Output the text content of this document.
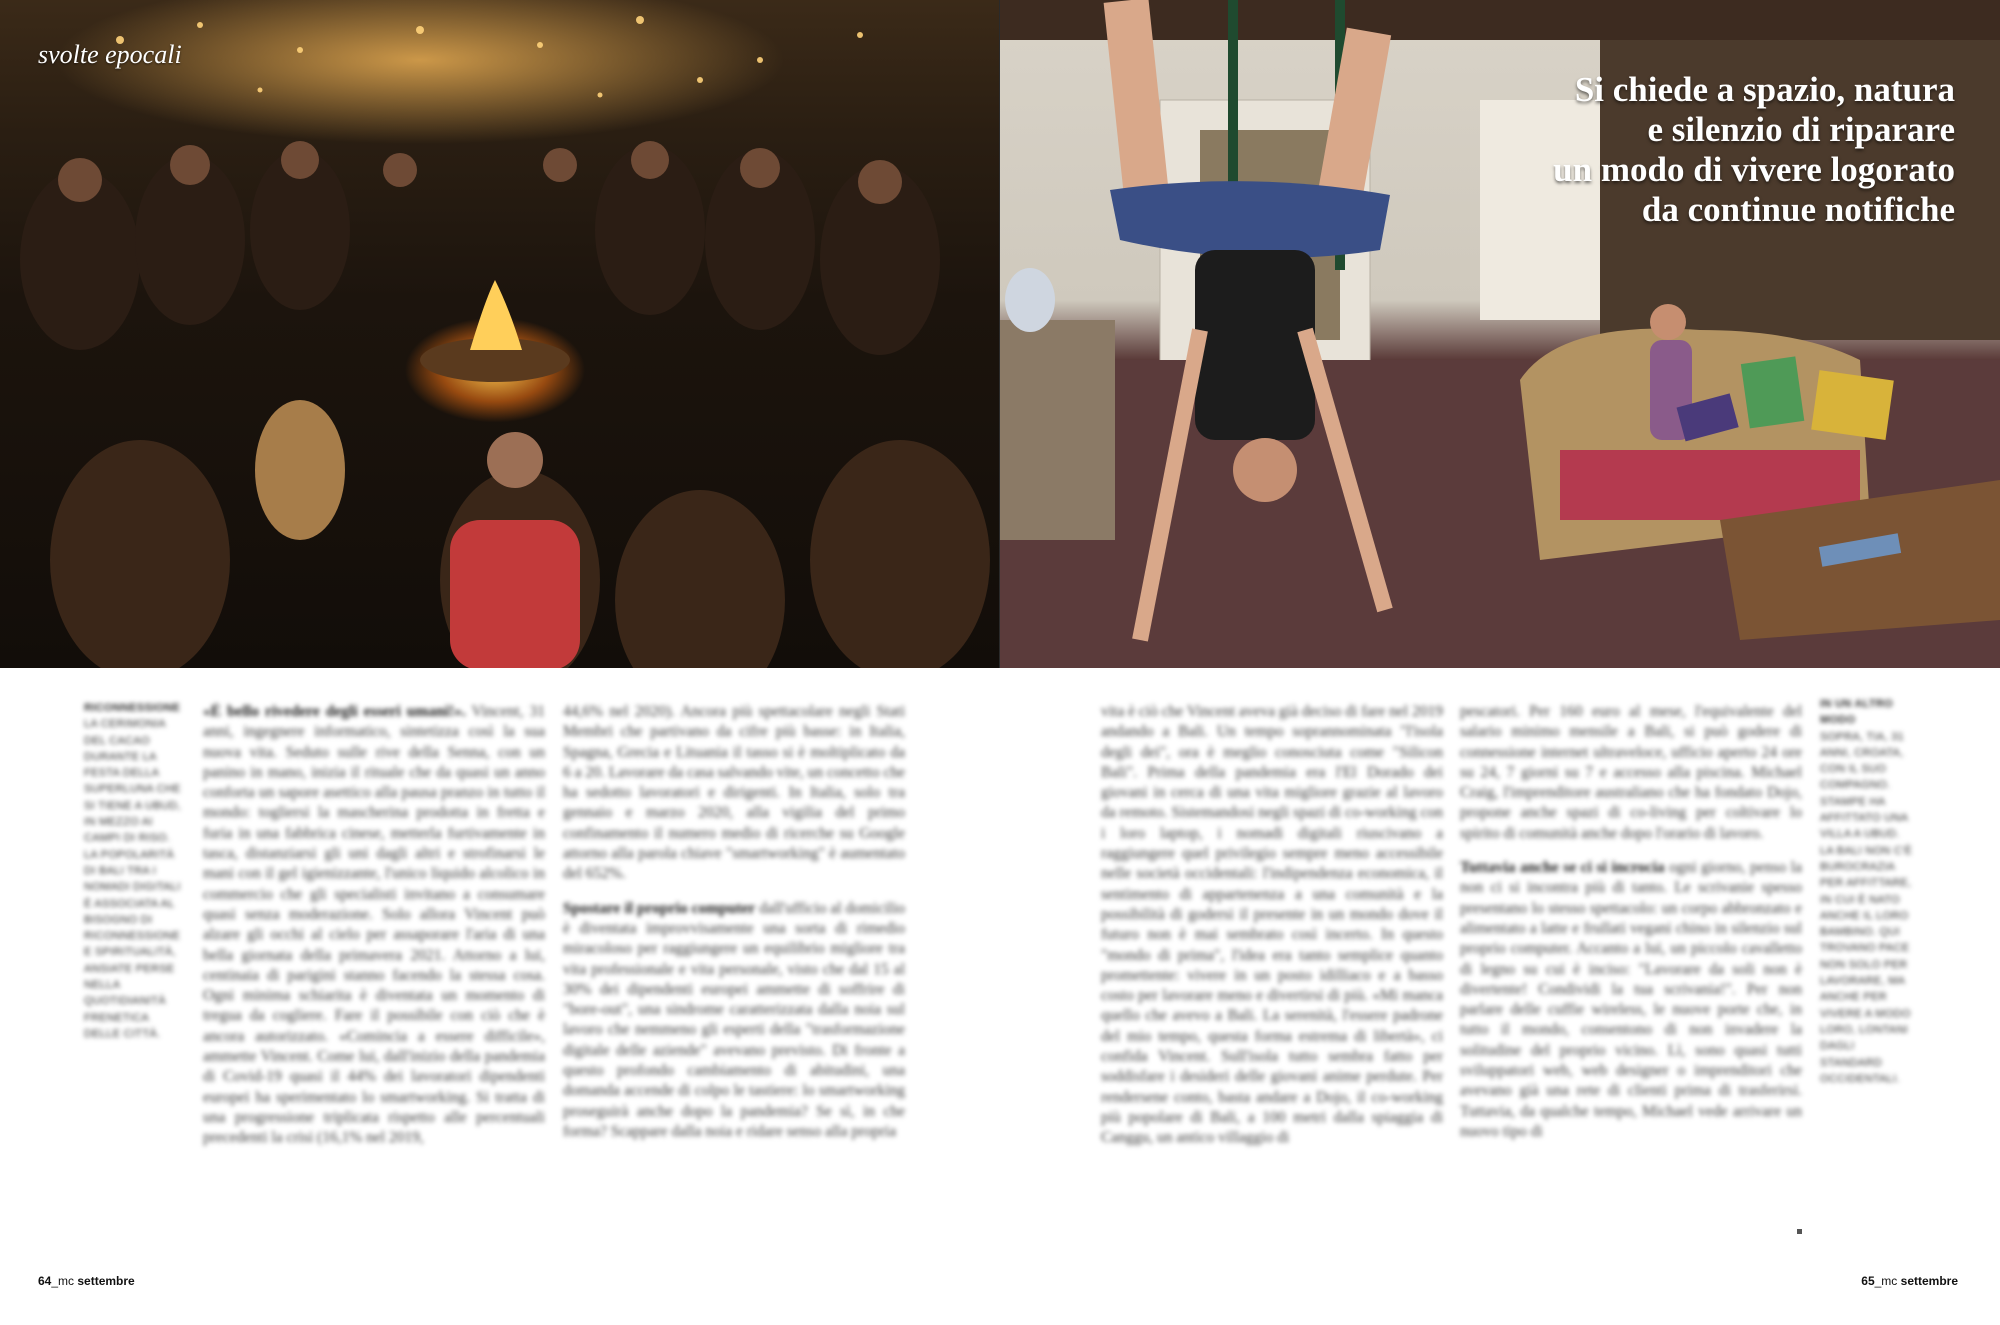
svolte epocali
Si chiede a spazio, natura
e silenzio di riparare
un modo di vivere logorato
da continue notifiche
RICONNESSIONE
LA CERIMONIA DEL CACAO DURANTE LA FESTA DELLA SUPERLUNA CHE SI TIENE A UBUD, IN MEZZO AI CAMPI DI RISO. LA POPOLARITÀ DI BALI TRA I NOMADI DIGITALI È ASSOCIATA AL BISOGNO DI RICONNESSIONE E SPIRITUALITÀ, ANSIATE PERSE NELLA QUOTIDIANITÀ FRENETICA DELLE CITTÀ.
IN UN ALTRO MODO
SOPRA, TIA, 31 ANNI, CROATA, CON IL SUO COMPAGNO. STAMPE HA AFFITTATO UNA VILLA A UBUD. LA BALI NON C'È BUROCRAZIA PER AFFITTARE, IN CUI È NATO ANCHE IL LORO BAMBINO. QUI TROVANO PACE NON SOLO PER LAVORARE, MA ANCHE PER VIVERE A MODO LORO, LONTANI DAGLI STANDARD OCCIDENTALI.

«È bello rivedere degli esseri umani!». Vincent, 31 anni, ingegnere informatico, sintetizza così la sua nuova vita. Seduto sulle rive della Senna, con un panino in mano, inizia il rituale che da quasi un anno conforta un sapore asettico alla pausa pranzo in tutto il mondo: togliersi la mascherina prodotta in fretta e furia in una fabbrica cinese, metterla furtivamente in tasca, distanziarsi gli uni dagli altri e strofinarsi le mani con il gel igienizzante, l'unico liquido alcolico in commercio che gli specialisti invitano a consumare quasi senza moderazione. Solo allora Vincent può alzare gli occhi al cielo per assaporare l'aria di una bella giornata della primavera 2021. Attorno a lui, centinaia di parigini stanno facendo la stessa cosa. Ogni minima schiarita è diventata un momento di tregua da cogliere. Fare il possibile con ciò che è ancora autorizzato. «Comincia a essere difficile», ammette Vincent. Come lui, dall'inizio della pandemia di Covid-19 quasi il 44% dei lavoratori dipendenti europei ha sperimentato lo smartworking. Si tratta di una progressione triplicata rispetto alle percentuali precedenti la crisi (16,1% nel 2019,

44,6% nel 2020). Ancora più spettacolare negli Stati Membri che partivano da cifre più basse: in Italia, Spagna, Grecia e Lituania il tasso si è moltiplicato da 6 a 20. Lavorare da casa salvando vite, un concetto che ha sedotto lavoratori e dirigenti. In Italia, solo tra gennaio e marzo 2020, alla vigilia del primo confinamento il numero medio di ricerche su Google attorno alla parola chiave "smartworking" è aumentato del 652%.

Spostare il proprio computer dall'ufficio al domicilio è diventata improvvisamente una sorta di rimedio miracoloso per raggiungere un equilibrio migliore tra vita professionale e vita personale, visto che dal 15 al 30% dei dipendenti europei ammette di soffrire di "bore-out", una sindrome caratterizzata dalla noia sul lavoro che nemmeno gli esperti della "trasformazione digitale delle aziende" avevano previsto. Di fronte a questo profondo cambiamento di abitudini, una domanda accende di colpo le tastiere: lo smartworking proseguirà anche dopo la pandemia? Se sì, in che forma? Scappare dalla noia e ridare senso alla propria

vita è ciò che Vincent aveva già deciso di fare nel 2019 andando a Bali. Un tempo soprannominata "l'isola degli dei", ora è meglio conosciuta come "Silicon Bali". Prima della pandemia era l'El Dorado dei giovani in cerca di una vita migliore grazie al lavoro da remoto. Sistemandosi negli spazi di co-working con i loro laptop, i nomadi digitali riuscivano a raggiungere quel privilegio sempre meno accessibile nelle società occidentali: l'indipendenza economica, il sentimento di appartenenza a una comunità e la possibilità di godersi il presente in un mondo dove il futuro non è mai sembrato così incerto. In questo "mondo di prima", l'idea era tanto semplice quanto promettente: vivere in un posto idilliaco e a basso costo per lavorare meno e divertirsi di più. «Mi manca quello che avevo a Bali. La serenità, l'essere padrone del mio tempo, questa forma estrema di libertà», ci confida Vincent. Sull'isola tutto sembra fatto per soddisfare i desideri delle giovani anime perdute. Per rendersene conto, basta andare a Dojo, il co-working più popolare di Bali, a 100 metri dalla spiaggia di Canggu, un antico villaggio di

pescatori. Per 160 euro al mese, l'equivalente del salario minimo mensile a Bali, si può godere di connessione internet ultraveloce, ufficio aperto 24 ore su 24, 7 giorni su 7 e accesso alla piscina. Michael Craig, l'imprenditore australiano che ha fondato Dojo, propone anche spazi di co-living per coltivare lo spirito di comunità anche dopo l'orario di lavoro.

Tuttavia anche se ci si incrocia ogni giorno, penso la non ci si incontra più di tanto. Le scrivanie spesso presentano lo stesso spettacolo: un corpo abbronzato e alimentato a latte e frullati vegani chino in silenzio sul proprio computer. Accanto a lui, un piccolo cavalletto di legno su cui è inciso: "Lavorare da soli non è divertente! Condividi la tua scrivania!". Per non parlare delle cuffie wireless, le nuove porte che, in tutto il mondo, consentono di non invadere la solitudine del proprio vicino. Lì, sono quasi tutti sviluppatori web, web designer o imprenditori che avevano già una rete di clienti prima di trasferirsi. Tuttavia, da qualche tempo, Michael vede arrivare un nuovo tipo di

64_mc settembre	65_mc settembre
